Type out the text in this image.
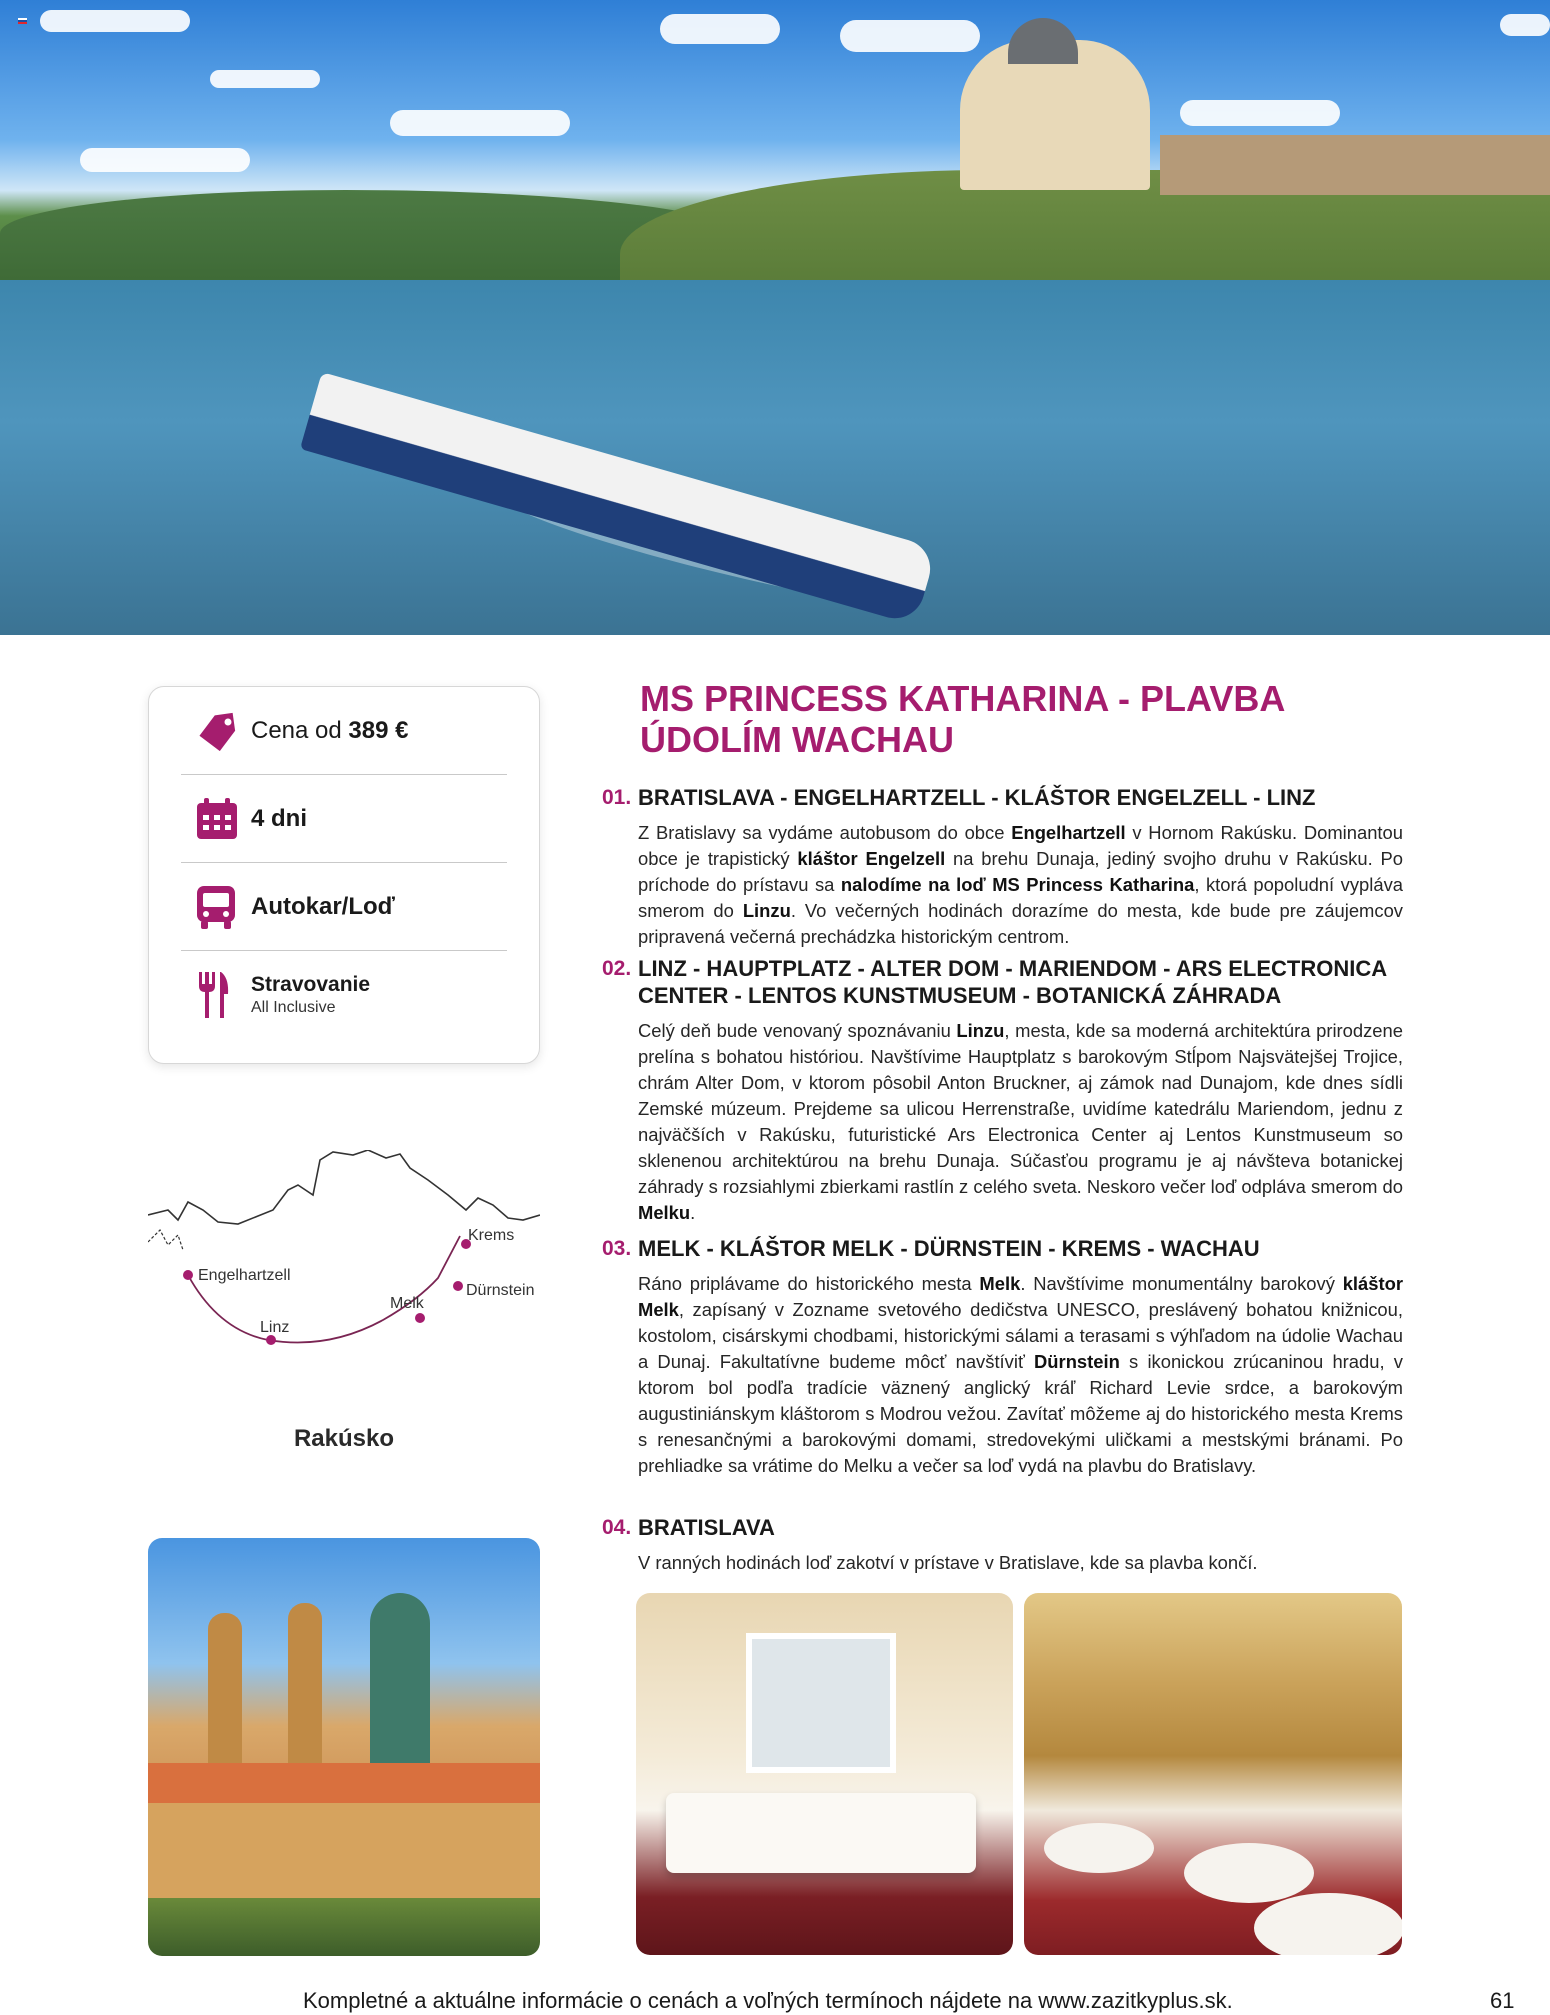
Cena od 389 €
4 dni
Autokar/Loď
Stravovanie
All Inclusive
Krems
Engelhartzell
Dürnstein
Melk
Linz
Rakúsko
MS PRINCESS KATHARINA - PLAVBA
ÚDOLÍM WACHAU
01. BRATISLAVA - ENGELHARTZELL - KLÁŠTOR ENGELZELL - LINZ
Z Bratislavy sa vydáme autobusom do obce Engelhartzell v Hornom Rakúsku. Dominantou obce je trapistický kláštor Engelzell na brehu Dunaja, jediný svojho druhu v Rakúsku. Po príchode do prístavu sa nalodíme na loď MS Princess Katharina, ktorá popoludní vypláva smerom do Linzu. Vo večerných hodinách dorazíme do mesta, kde bude pre záujemcov pripravená večerná prechádzka historickým centrom.
02. LINZ - HAUPTPLATZ - ALTER DOM - MARIENDOM - ARS ELECTRONICA CENTER - LENTOS KUNSTMUSEUM - BOTANICKÁ ZÁHRADA
Celý deň bude venovaný spoznávaniu Linzu, mesta, kde sa moderná architektúra prirodzene prelína s bohatou históriou. Navštívime Hauptplatz s barokovým Stĺpom Najsvätejšej Trojice, chrám Alter Dom, v ktorom pôsobil Anton Bruckner, aj zámok nad Dunajom, kde dnes sídli Zemské múzeum. Prejdeme sa ulicou Herrenstraße, uvidíme katedrálu Mariendom, jednu z najväčších v Rakúsku, futuristické Ars Electronica Center aj Lentos Kunstmuseum so sklenenou architektúrou na brehu Dunaja. Súčasťou programu je aj návšteva botanickej záhrady s rozsiahlymi zbierkami rastlín z celého sveta. Neskoro večer loď odpláva smerom do Melku.
03. MELK - KLÁŠTOR MELK - DÜRNSTEIN - KREMS - WACHAU
Ráno priplávame do historického mesta Melk. Navštívime monumentálny barokový kláštor Melk, zapísaný v Zozname svetového dedičstva UNESCO, preslávený bohatou knižnicou, kostolom, cisárskymi chodbami, historickými sálami a terasami s výhľadom na údolie Wachau a Dunaj. Fakultatívne budeme môcť navštíviť Dürnstein s ikonickou zrúcaninou hradu, v ktorom bol podľa tradície väznený anglický kráľ Richard Levie srdce, a barokovým augustiniánskym kláštorom s Modrou vežou. Zavítať môžeme aj do historického mesta Krems s renesančnými a barokovými domami, stredovekými uličkami a mestskými bránami. Po prehliadke sa vrátime do Melku a večer sa loď vydá na plavbu do Bratislavy.
04. BRATISLAVA
V ranných hodinách loď zakotví v prístave v Bratislave, kde sa plavba končí.
Kompletné a aktuálne informácie o cenách a voľných termínoch nájdete na www.zazitkyplus.sk.	61
